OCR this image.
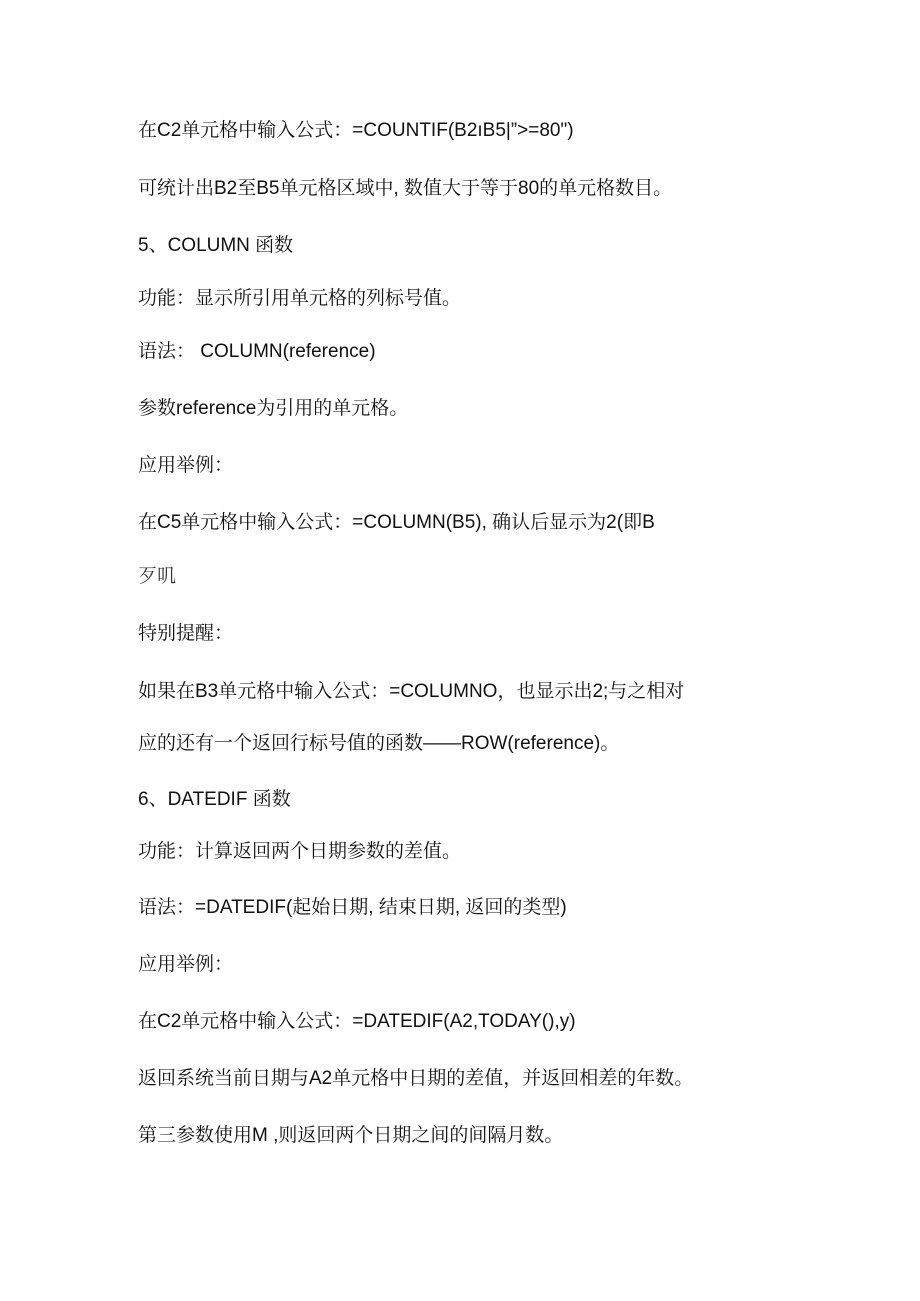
在C2单元格中输入公式：=COUNTIF(B2ıB5|”>=80")
可统计出B2至B5单元格区域中, 数值大于等于80的单元格数目。
5、COLUMN 函数
功能：显示所引用单元格的列标号值。
语法： COLUMN(reference)
参数reference为引用的单元格。
应用举例：
在C5单元格中输入公式：=COLUMN(B5), 确认后显示为2(即B
歹叽
特别提醒：
如果在B3单元格中输入公式：=COLUMNO，也显示出2;与之相对
应的还有一个返回行标号值的函数——ROW(reference)。
6、DATEDIF 函数
功能：计算返回两个日期参数的差值。
语法：=DATEDIF(起始日期, 结束日期, 返回的类型)
应用举例：
在C2单元格中输入公式：=DATEDIF(A2,TODAY(),y)
返回系统当前日期与A2单元格中日期的差值，并返回相差的年数。
第三参数使用M ,则返回两个日期之间的间隔月数。
